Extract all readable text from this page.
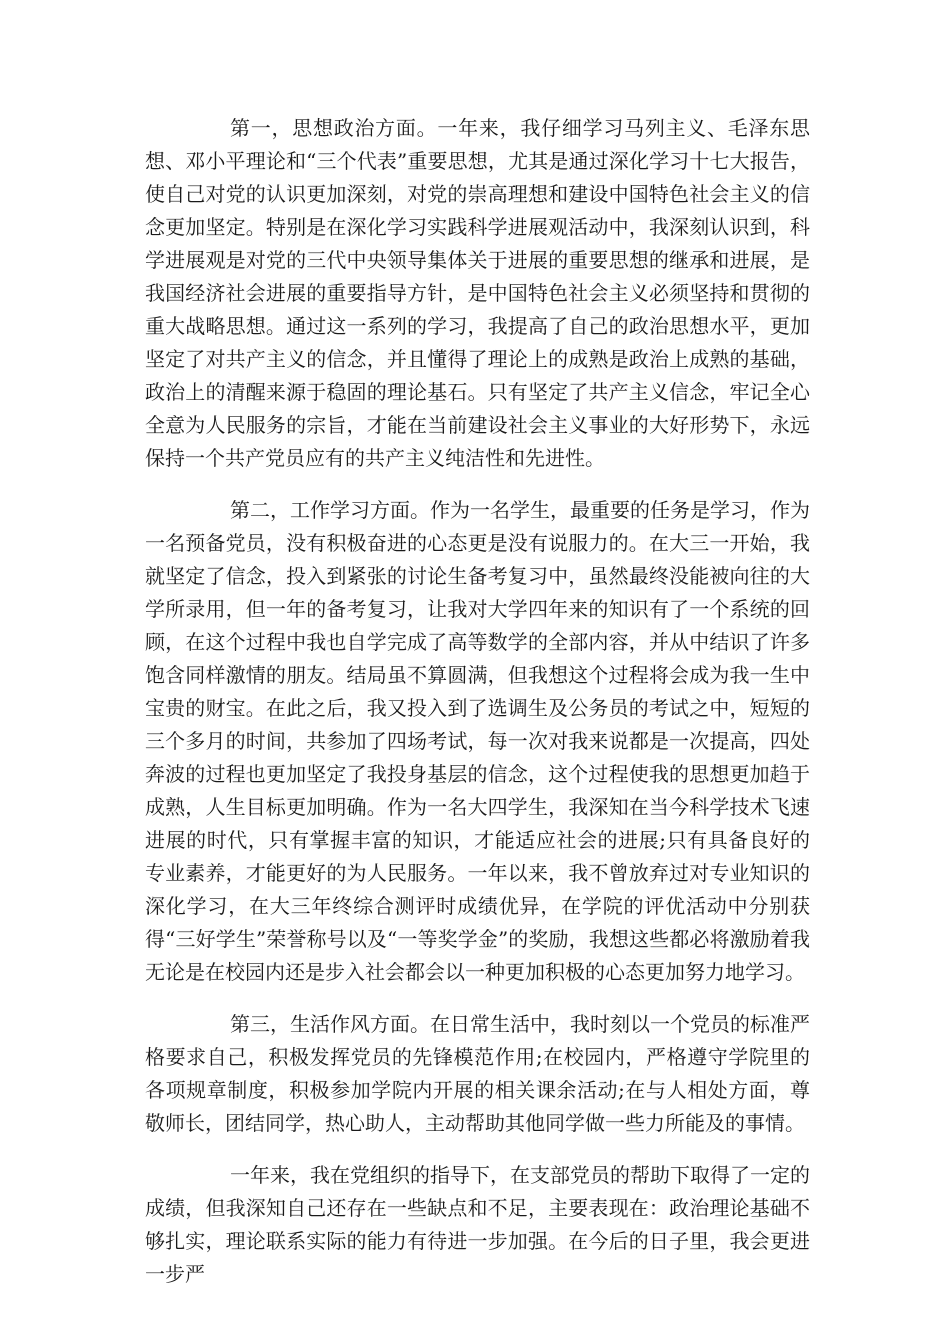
第一，思想政治方面。一年来，我仔细学习马列主义、毛泽东思想、邓小平理论和“三个代表”重要思想，尤其是通过深化学习十七大报告，使自己对党的认识更加深刻，对党的崇高理想和建设中国特色社会主义的信念更加坚定。特别是在深化学习实践科学进展观活动中，我深刻认识到，科学进展观是对党的三代中央领导集体关于进展的重要思想的继承和进展，是我国经济社会进展的重要指导方针，是中国特色社会主义必须坚持和贯彻的重大战略思想。通过这一系列的学习，我提高了自己的政治思想水平，更加坚定了对共产主义的信念，并且懂得了理论上的成熟是政治上成熟的基础，政治上的清醒来源于稳固的理论基石。只有坚定了共产主义信念，牢记全心全意为人民服务的宗旨，才能在当前建设社会主义事业的大好形势下，永远保持一个共产党员应有的共产主义纯洁性和先进性。

第二，工作学习方面。作为一名学生，最重要的任务是学习，作为一名预备党员，没有积极奋进的心态更是没有说服力的。在大三一开始，我就坚定了信念，投入到紧张的讨论生备考复习中，虽然最终没能被向往的大学所录用，但一年的备考复习，让我对大学四年来的知识有了一个系统的回顾，在这个过程中我也自学完成了高等数学的全部内容，并从中结识了许多饱含同样激情的朋友。结局虽不算圆满，但我想这个过程将会成为我一生中宝贵的财宝。在此之后，我又投入到了选调生及公务员的考试之中，短短的三个多月的时间，共参加了四场考试，每一次对我来说都是一次提高，四处奔波的过程也更加坚定了我投身基层的信念，这个过程使我的思想更加趋于成熟，人生目标更加明确。作为一名大四学生，我深知在当今科学技术飞速进展的时代，只有掌握丰富的知识，才能适应社会的进展;只有具备良好的专业素养，才能更好的为人民服务。一年以来，我不曾放弃过对专业知识的深化学习，在大三年终综合测评时成绩优异，在学院的评优活动中分别获得“三好学生”荣誉称号以及“一等奖学金”的奖励，我想这些都必将激励着我无论是在校园内还是步入社会都会以一种更加积极的心态更加努力地学习。

第三，生活作风方面。在日常生活中，我时刻以一个党员的标准严格要求自己，积极发挥党员的先锋模范作用;在校园内，严格遵守学院里的各项规章制度，积极参加学院内开展的相关课余活动;在与人相处方面，尊敬师长，团结同学，热心助人，主动帮助其他同学做一些力所能及的事情。

一年来，我在党组织的指导下，在支部党员的帮助下取得了一定的成绩，但我深知自己还存在一些缺点和不足，主要表现在：政治理论基础不够扎实，理论联系实际的能力有待进一步加强。在今后的日子里，我会更进一步严
